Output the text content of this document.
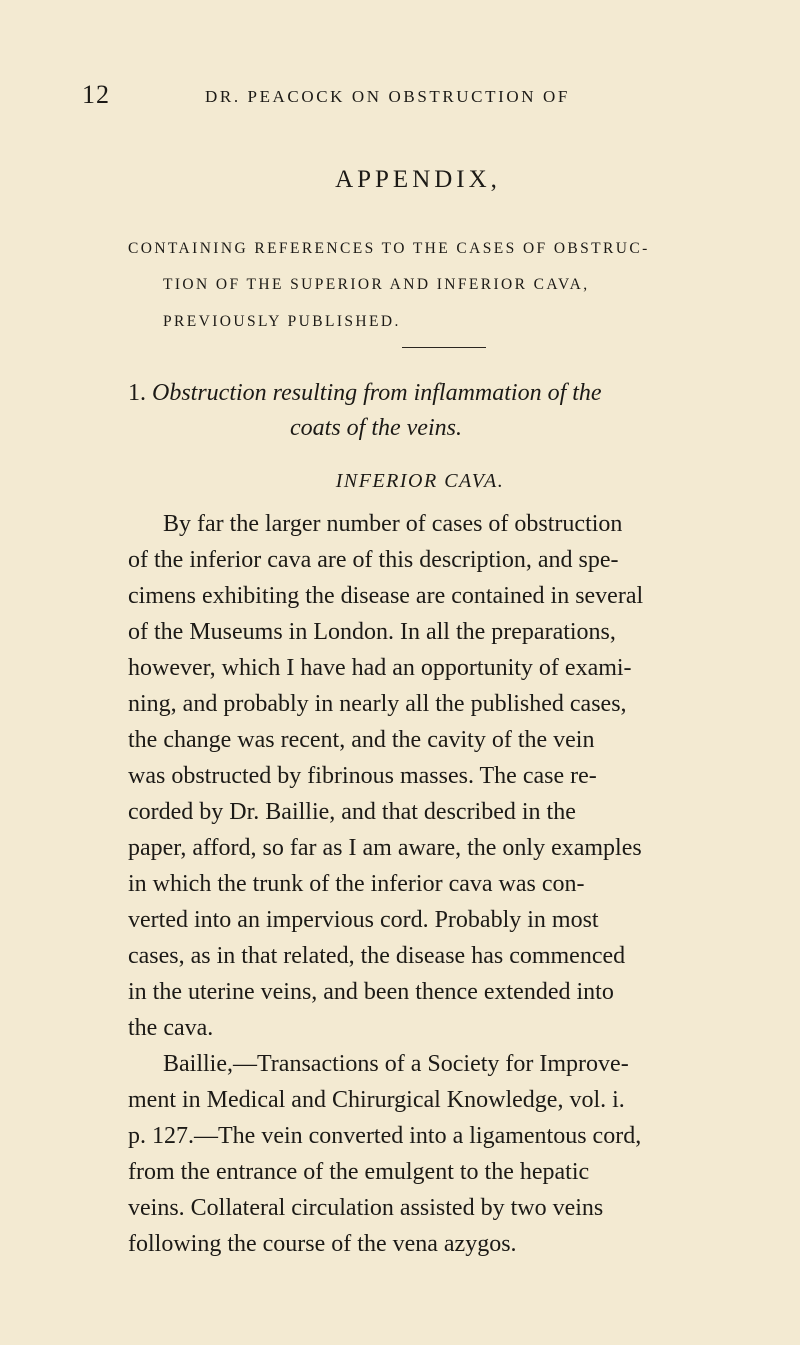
12	DR. PEACOCK ON OBSTRUCTION OF
APPENDIX,
CONTAINING REFERENCES TO THE CASES OF OBSTRUC-
TION OF THE SUPERIOR AND INFERIOR CAVA,
PREVIOUSLY PUBLISHED.
1. Obstruction resulting from inflammation of the
coats of the veins.
INFERIOR CAVA.
By far the larger number of cases of obstruction
of the inferior cava are of this description, and spe-
cimens exhibiting the disease are contained in several
of the Museums in London. In all the preparations,
however, which I have had an opportunity of exami-
ning, and probably in nearly all the published cases,
the change was recent, and the cavity of the vein
was obstructed by fibrinous masses. The case re-
corded by Dr. Baillie, and that described in the
paper, afford, so far as I am aware, the only examples
in which the trunk of the inferior cava was con-
verted into an impervious cord. Probably in most
cases, as in that related, the disease has commenced
in the uterine veins, and been thence extended into
the cava.
Baillie,—Transactions of a Society for Improve-
ment in Medical and Chirurgical Knowledge, vol. i.
p. 127.—The vein converted into a ligamentous cord,
from the entrance of the emulgent to the hepatic
veins. Collateral circulation assisted by two veins
following the course of the vena azygos.
